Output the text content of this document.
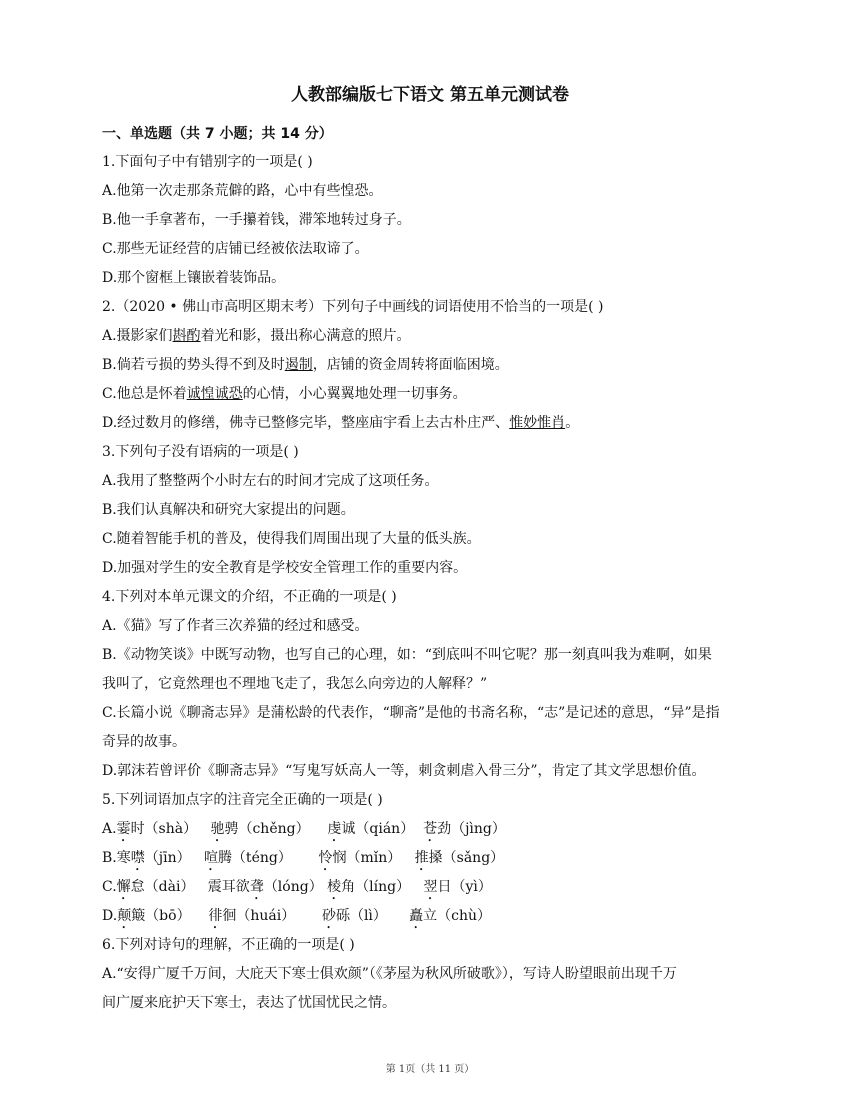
人教部编版七下语文 第五单元测试卷
一、单选题（共 7 小题；共 14 分）
1.下面句子中有错别字的一项是( )
A.他第一次走那条荒僻的路，心中有些惶恐。
B.他一手拿著布，一手攥着钱，滞笨地转过身子。
C.那些无证经营的店铺已经被依法取谛了。
D.那个窗框上镶嵌着装饰品。
2.（2020 • 佛山市高明区期末考）下列句子中画线的词语使用不恰当的一项是( )
A.摄影家们斟酌着光和影，摄出称心满意的照片。
B.倘若亏损的势头得不到及时遏制，店铺的资金周转将面临困境。
C.他总是怀着诚惶诚恐的心情，小心翼翼地处理一切事务。
D.经过数月的修缮，佛寺已整修完毕，整座庙宇看上去古朴庄严、惟妙惟肖。
3.下列句子没有语病的一项是( )
A.我用了整整两个小时左右的时间才完成了这项任务。
B.我们认真解决和研究大家提出的问题。
C.随着智能手机的普及，使得我们周围出现了大量的低头族。
D.加强对学生的安全教育是学校安全管理工作的重要内容。
4.下列对本单元课文的介绍，不正确的一项是( )
A.《猫》写了作者三次养猫的经过和感受。
B.《动物笑谈》中既写动物，也写自己的心理，如：“到底叫不叫它呢？那一刻真叫我为难啊，如果
我叫了，它竟然理也不理地飞走了，我怎么向旁边的人解释？”
C.长篇小说《聊斋志异》是蒲松龄的代表作，“聊斋”是他的书斋名称，“志”是记述的意思，“异”是指
奇异的故事。
D.郭沫若曾评价《聊斋志异》“写鬼写妖高人一等，刺贪刺虐入骨三分”，肯定了其文学思想价值。
5.下列词语加点字的注音完全正确的一项是( )
A.霎时（shà）   驰骋（chěng）    虔诚（qián）  苍劲（jìng）
B.寒噤（jīn）   喧腾（téng）      怜悯（mǐn）   推搡（sǎng）
C.懈怠（dài）   震耳欲聋（lóng） 棱角（líng）   翌日（yì）
D.颠簸（bō）    徘徊（huái）      砂砾（lì）     矗立（chù）
6.下列对诗句的理解，不正确的一项是( )
A.“安得广厦千万间，大庇天下寒士俱欢颜”（《茅屋为秋风所破歌》），写诗人盼望眼前出现千万
间广厦来庇护天下寒士，表达了忧国忧民之情。
第 1页（共 11 页）
